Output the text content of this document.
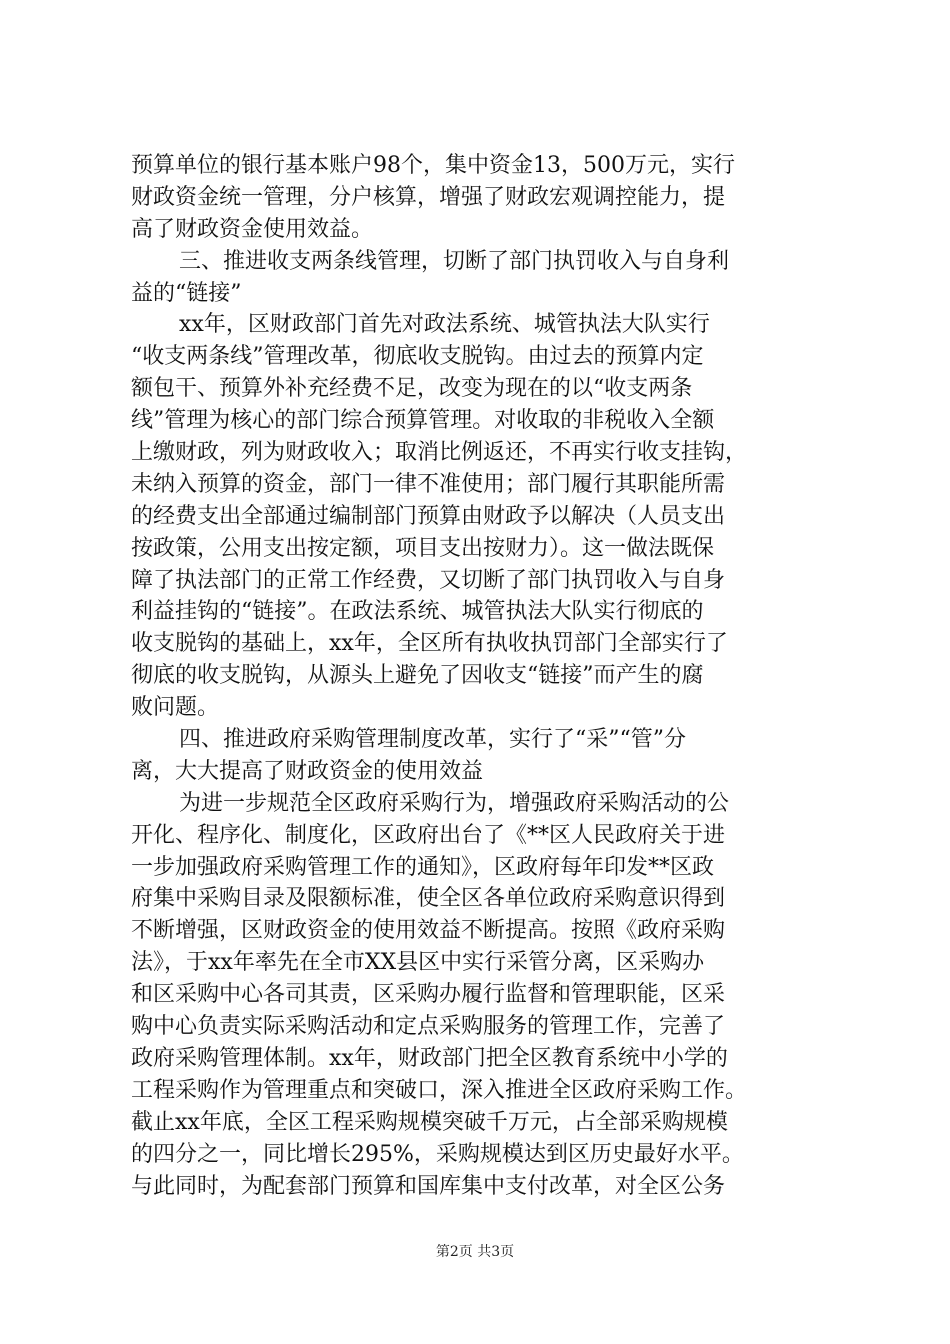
预算单位的银行基本账户98个，集中资金13，500万元，实行
财政资金统一管理，分户核算，增强了财政宏观调控能力，提
高了财政资金使用效益。
三、推进收支两条线管理，切断了部门执罚收入与自身利
益的“链接”
xx年，区财政部门首先对政法系统、城管执法大队实行
“收支两条线”管理改革，彻底收支脱钩。由过去的预算内定
额包干、预算外补充经费不足，改变为现在的以“收支两条
线”管理为核心的部门综合预算管理。对收取的非税收入全额
上缴财政，列为财政收入；取消比例返还，不再实行收支挂钩，
未纳入预算的资金，部门一律不准使用；部门履行其职能所需
的经费支出全部通过编制部门预算由财政予以解决（人员支出
按政策，公用支出按定额，项目支出按财力）。这一做法既保
障了执法部门的正常工作经费，又切断了部门执罚收入与自身
利益挂钩的“链接”。在政法系统、城管执法大队实行彻底的
收支脱钩的基础上，xx年，全区所有执收执罚部门全部实行了
彻底的收支脱钩，从源头上避免了因收支“链接”而产生的腐
败问题。
四、推进政府采购管理制度改革，实行了“采”“管”分
离，大大提高了财政资金的使用效益
为进一步规范全区政府采购行为，增强政府采购活动的公
开化、程序化、制度化，区政府出台了《**区人民政府关于进
一步加强政府采购管理工作的通知》，区政府每年印发**区政
府集中采购目录及限额标准，使全区各单位政府采购意识得到
不断增强，区财政资金的使用效益不断提高。按照《政府采购
法》，于xx年率先在全市XX县区中实行采管分离，区采购办
和区采购中心各司其责，区采购办履行监督和管理职能，区采
购中心负责实际采购活动和定点采购服务的管理工作，完善了
政府采购管理体制。xx年，财政部门把全区教育系统中小学的
工程采购作为管理重点和突破口，深入推进全区政府采购工作。
截止xx年底，全区工程采购规模突破千万元，占全部采购规模
的四分之一，同比增长295%，采购规模达到区历史最好水平。
与此同时，为配套部门预算和国库集中支付改革，对全区公务
第2页 共3页
